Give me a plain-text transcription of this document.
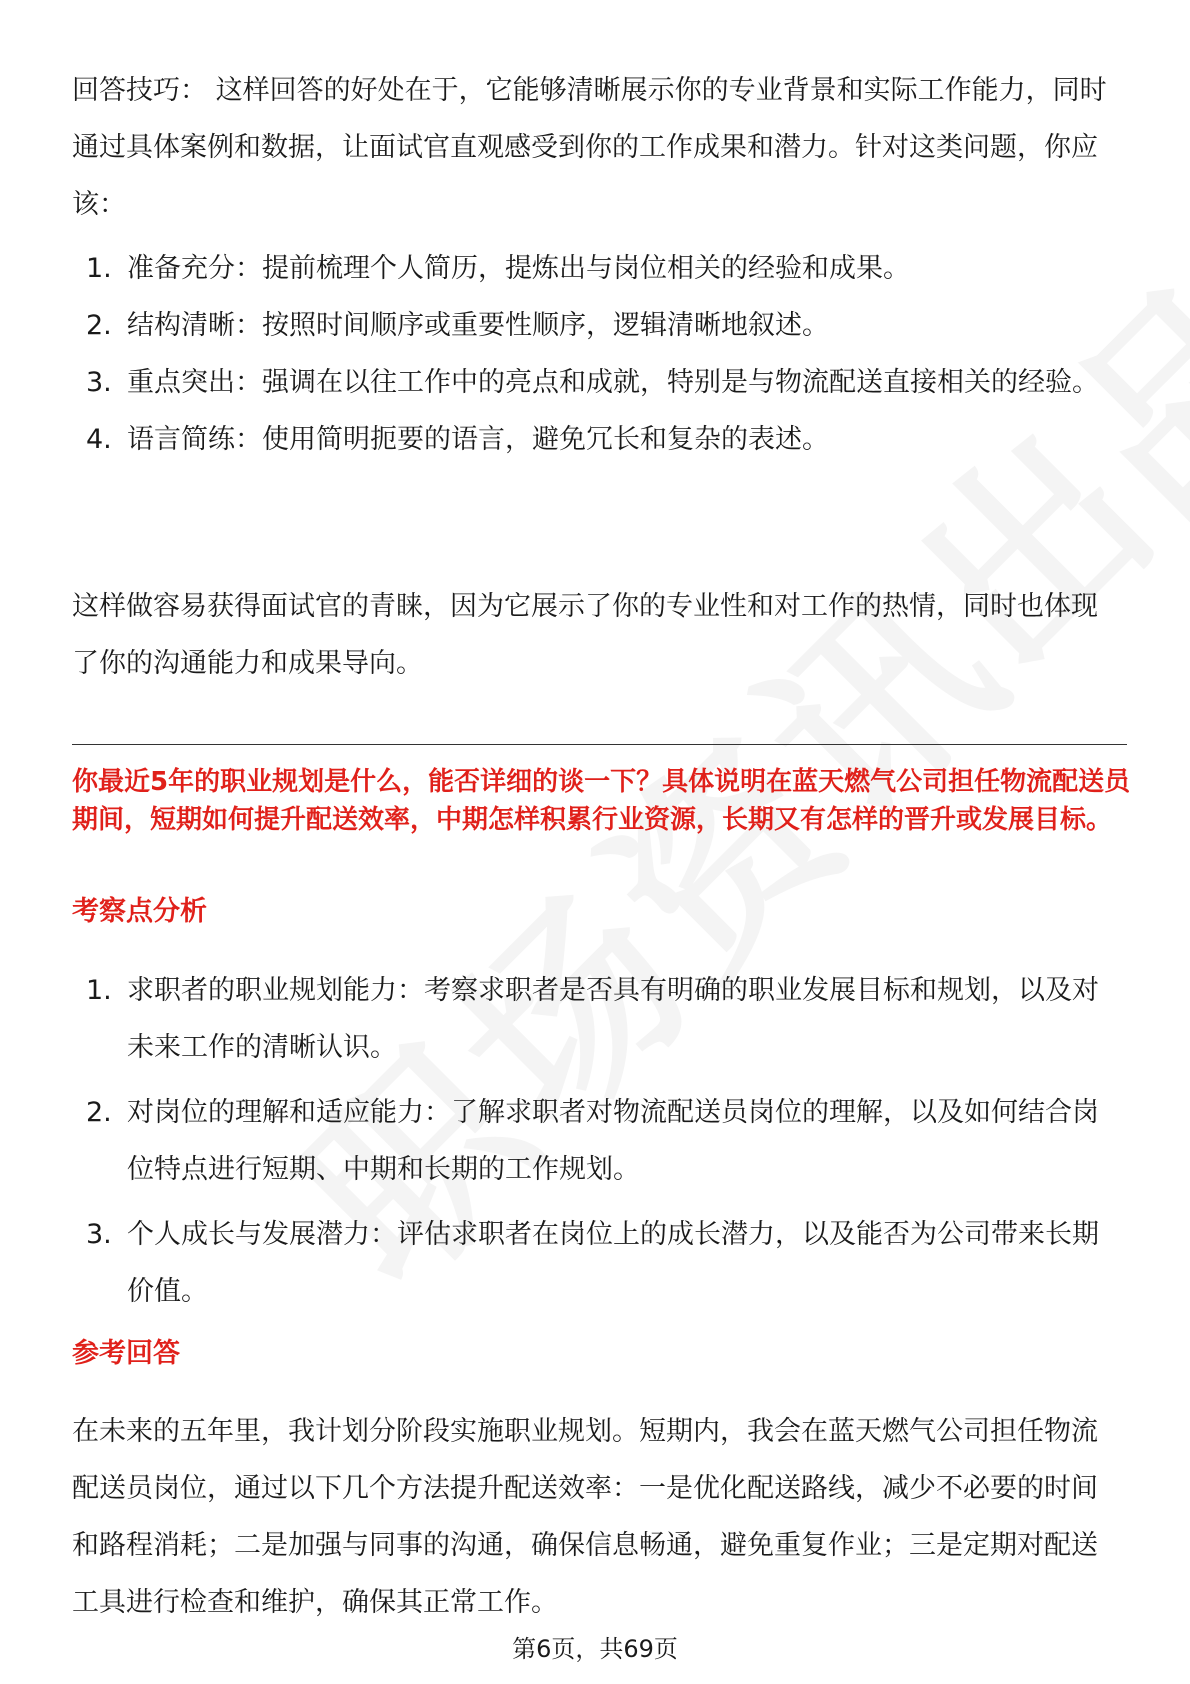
回答技巧： 这样回答的好处在于，它能够清晰展示你的专业背景和实际工作能力，同时通过具体案例和数据，让面试官直观感受到你的工作成果和潜力。针对这类问题，你应该：

1. 准备充分：提前梳理个人简历，提炼出与岗位相关的经验和成果。
2. 结构清晰：按照时间顺序或重要性顺序，逻辑清晰地叙述。
3. 重点突出：强调在以往工作中的亮点和成就，特别是与物流配送直接相关的经验。
4. 语言简练：使用简明扼要的语言，避免冗长和复杂的表述。

这样做容易获得面试官的青睐，因为它展示了你的专业性和对工作的热情，同时也体现了你的沟通能力和成果导向。

你最近5年的职业规划是什么，能否详细的谈一下？具体说明在蓝天燃气公司担任物流配送员期间，短期如何提升配送效率，中期怎样积累行业资源，长期又有怎样的晋升或发展目标。

考察点分析

1. 求职者的职业规划能力：考察求职者是否具有明确的职业发展目标和规划，以及对未来工作的清晰认识。
2. 对岗位的理解和适应能力：了解求职者对物流配送员岗位的理解，以及如何结合岗位特点进行短期、中期和长期的工作规划。
3. 个人成长与发展潜力：评估求职者在岗位上的成长潜力，以及能否为公司带来长期价值。

参考回答

在未来的五年里，我计划分阶段实施职业规划。短期内，我会在蓝天燃气公司担任物流配送员岗位，通过以下几个方法提升配送效率：一是优化配送路线，减少不必要的时间和路程消耗；二是加强与同事的沟通，确保信息畅通，避免重复作业；三是定期对配送工具进行检查和维护，确保其正常工作。

第6页，共69页
